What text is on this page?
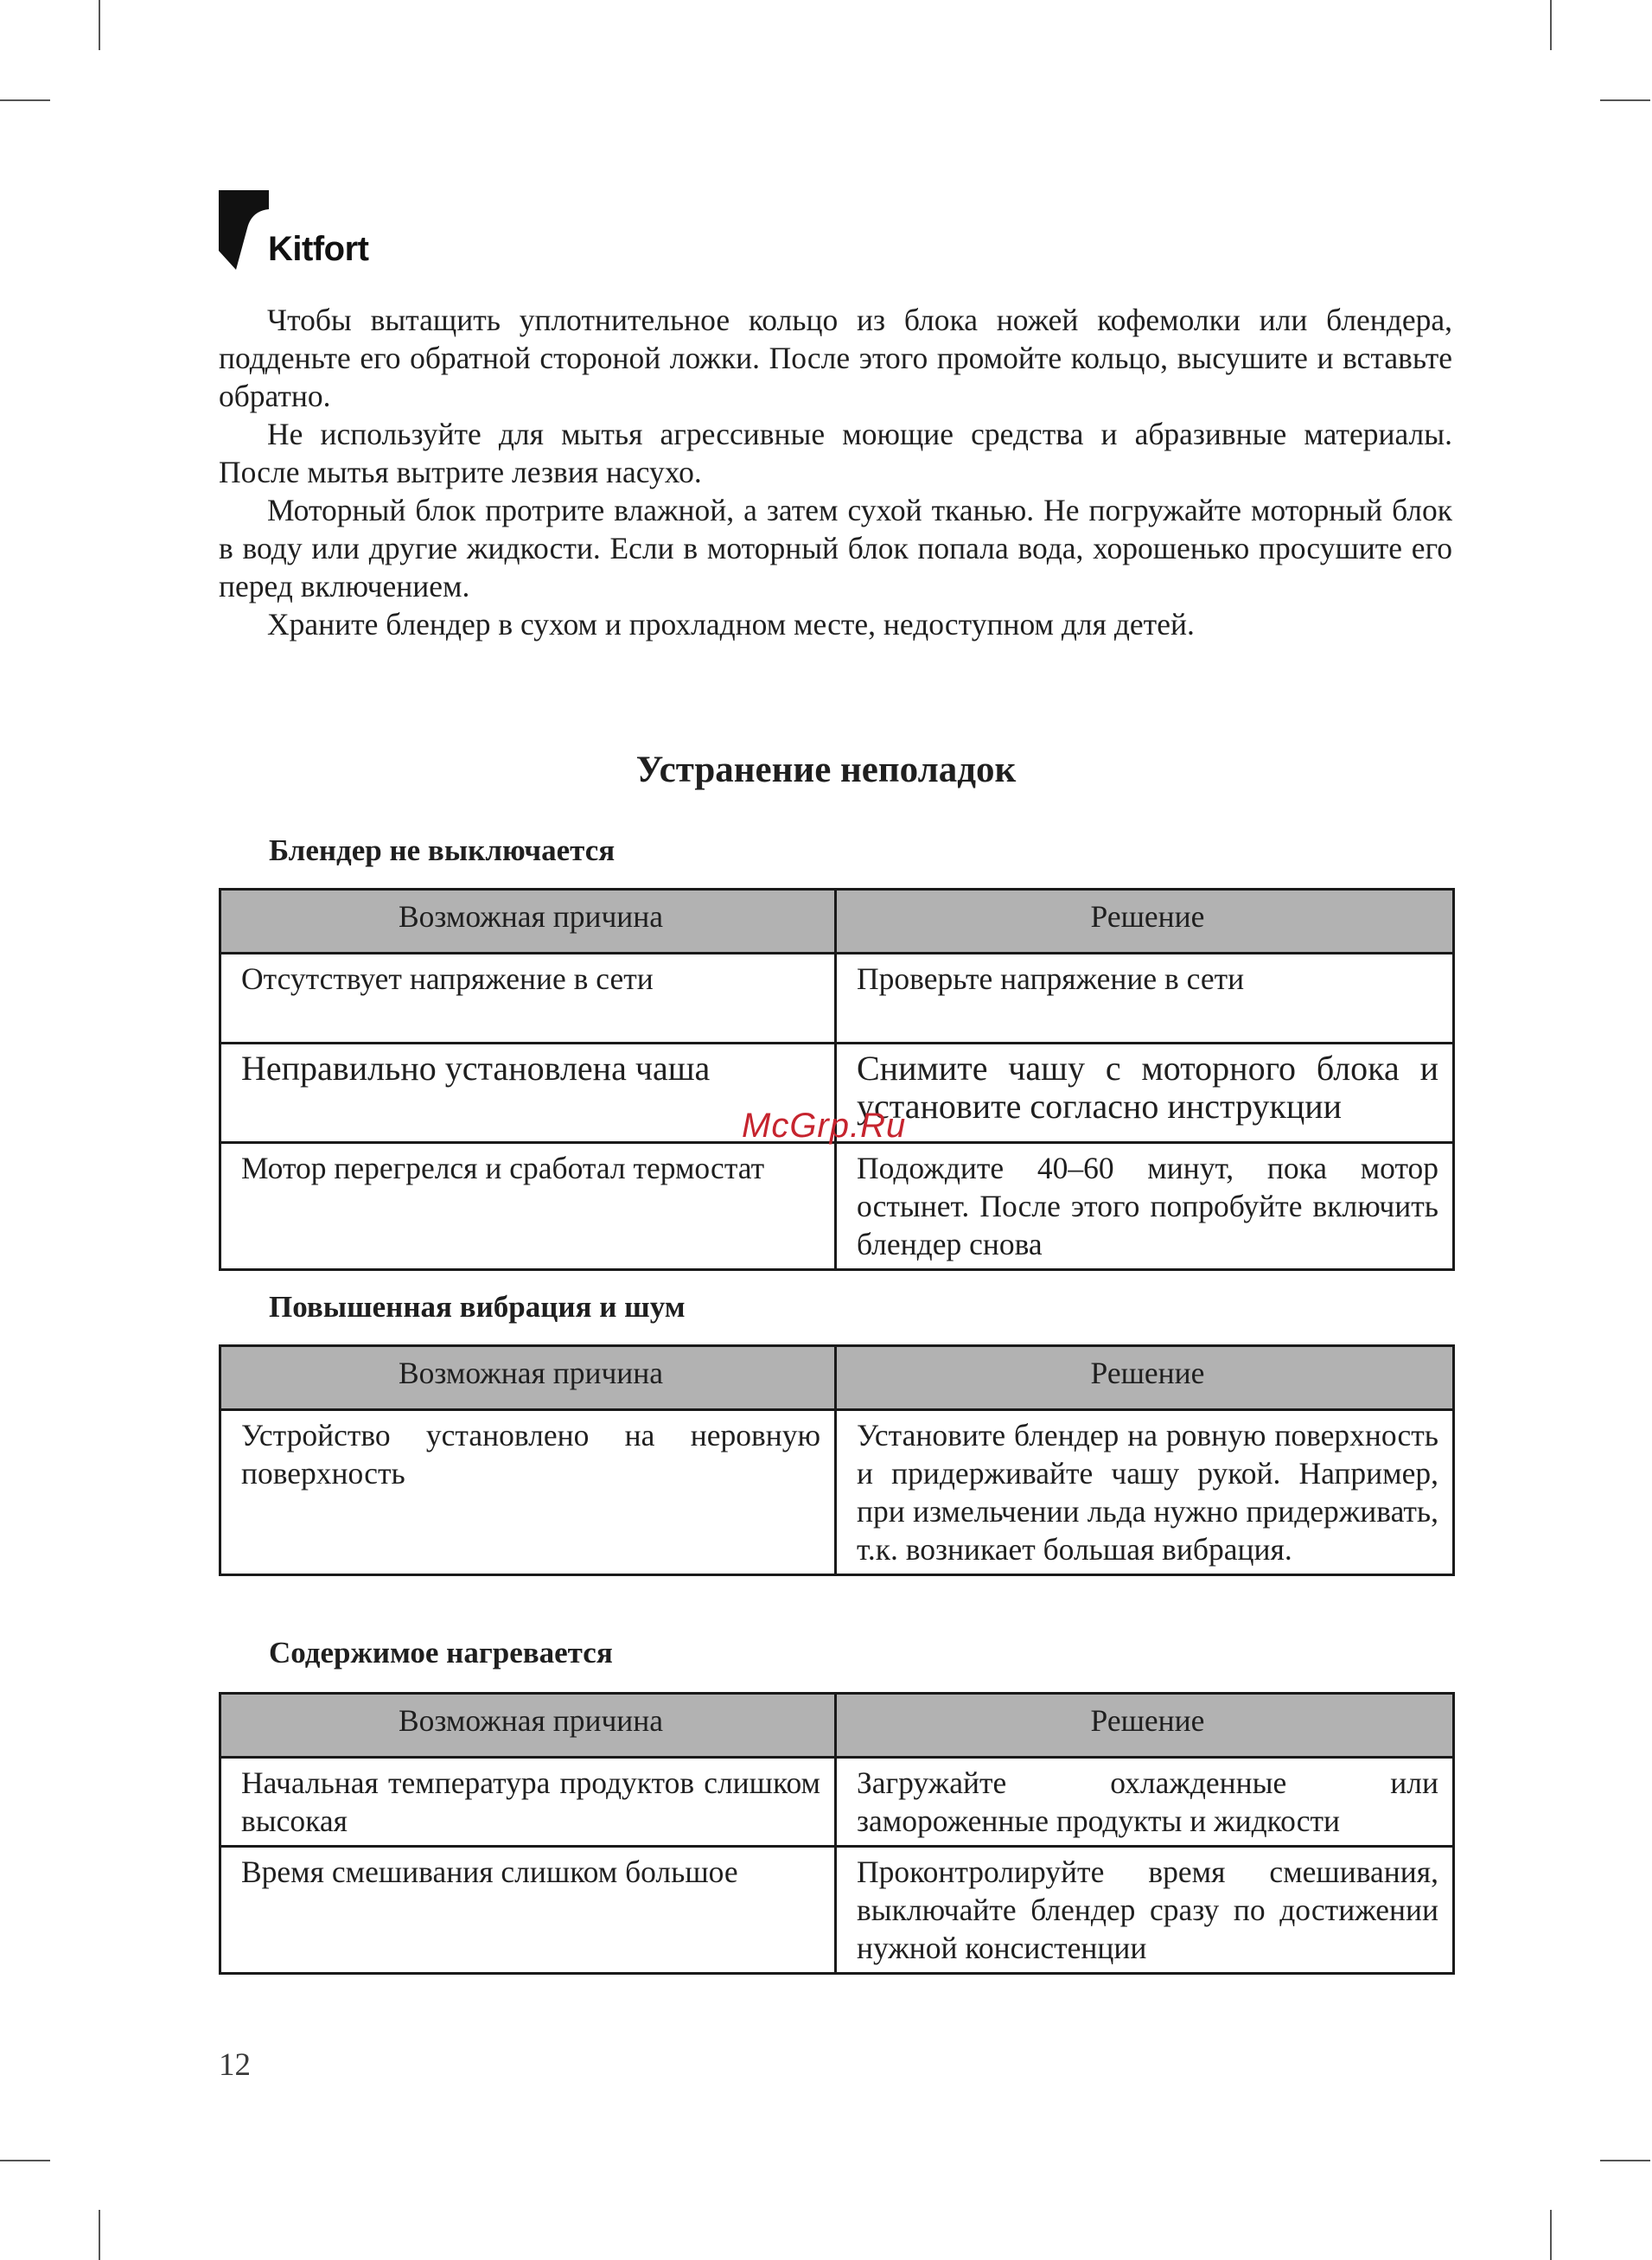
Kitfort

Чтобы вытащить уплотнительное кольцо из блока ножей кофемолки или блендера, подденьте его обратной стороной ложки. После этого промойте кольцо, высушите и вставьте обратно.

Не используйте для мытья агрессивные моющие средства и абразивные материалы. После мытья вытрите лезвия насухо.

Моторный блок протрите влажной, а затем сухой тканью. Не погружайте моторный блок в воду или другие жидкости. Если в моторный блок попала вода, хорошенько просушите его перед включением.

Храните блендер в сухом и прохладном месте, недоступном для детей.

Устранение неполадок
Блендер не выключается
Возможная причина	Решение
Отсутствует напряжение в сети	Проверьте напряжение в сети
Неправильно установлена чаша	Снимите чашу с моторного блока и установите согласно инструкции
Мотор перегрелся и сработал термостат	Подождите 40–60 минут, пока мотор остынет. После этого попробуйте включить блендер снова
Повышенная вибрация и шум
Возможная причина	Решение
Устройство установлено на неровную поверхность	Установите блендер на ровную поверхность и придерживайте чашу рукой. Например, при измельчении льда нужно придерживать, т.к. возникает большая вибрация.
Содержимое нагревается
Возможная причина	Решение
Начальная температура продуктов слишком высокая	Загружайте охлажденные или замороженные продукты и жидкости
Время смешивания слишком большое	Проконтролируйте время смешивания, выключайте блендер сразу по достижении нужной консистенции
McGrp.Ru
12
